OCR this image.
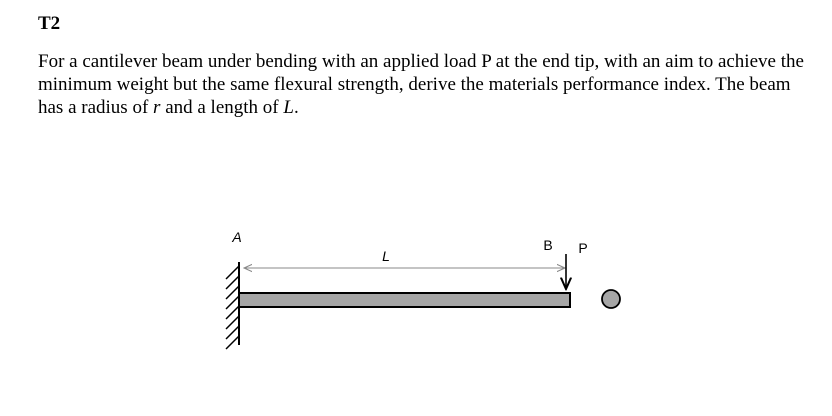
T2
For a cantilever beam under bending with an applied load P at the end tip, with an aim to achieve the minimum weight but the same flexural strength, derive the materials performance index. The beam has a radius of r and a length of L.
A
L
B P
